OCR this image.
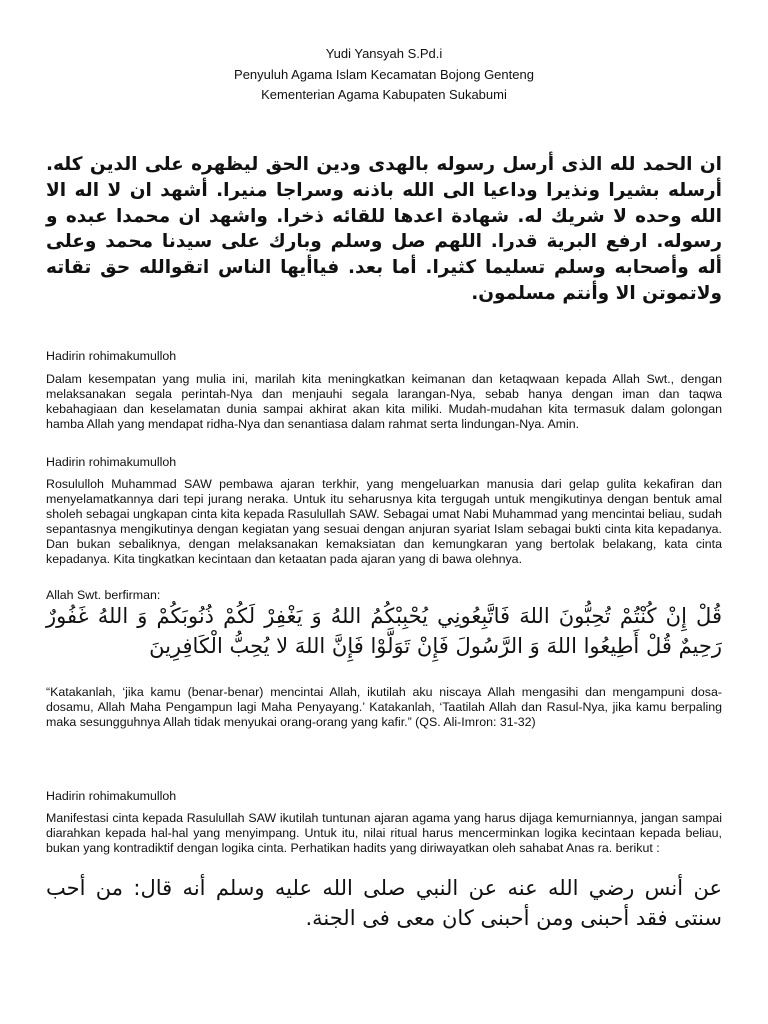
Yudi Yansyah S.Pd.i
Penyuluh Agama Islam Kecamatan Bojong Genteng
Kementerian Agama Kabupaten Sukabumi
ان الحمد لله الذى أرسل رسوله بالهدى ودين الحق ليظهره على الدين كله. أرسله بشيرا ونذيرا وداعيا الى الله باذنه وسراجا منيرا. أشهد ان لا اله الا الله وحده لا شريك له. شهادة اعدها للقائه ذخرا. واشهد ان محمدا عبده و رسوله. ارفع البرية قدرا. اللهم صل وسلم وبارك على سيدنا محمد وعلى أله وأصحابه وسلم تسليما كثيرا. أما بعد. فياأيها الناس اتقوالله حق تقاته ولاتموتن الا وأنتم مسلمون.
Hadirin rohimakumulloh
Dalam kesempatan yang mulia ini, marilah kita meningkatkan keimanan dan ketaqwaan kepada Allah Swt., dengan melaksanakan segala perintah-Nya dan menjauhi segala larangan-Nya, sebab hanya dengan iman dan taqwa kebahagiaan dan keselamatan dunia sampai akhirat akan kita miliki. Mudah-mudahan kita termasuk dalam golongan hamba Allah yang mendapat ridha-Nya dan senantiasa dalam rahmat serta lindungan-Nya. Amin.
Hadirin rohimakumulloh
Rosululloh Muhammad SAW pembawa ajaran terkhir, yang mengeluarkan manusia dari gelap gulita kekafiran dan menyelamatkannya dari tepi jurang neraka. Untuk itu seharusnya kita tergugah untuk mengikutinya dengan bentuk amal sholeh sebagai ungkapan cinta kita kepada Rasulullah SAW. Sebagai umat Nabi Muhammad yang mencintai beliau, sudah sepantasnya mengikutinya dengan kegiatan yang sesuai dengan anjuran syariat Islam sebagai bukti cinta kita kepadanya. Dan bukan sebaliknya, dengan melaksanakan kemaksiatan dan kemungkaran yang bertolak belakang, kata cinta kepadanya. Kita tingkatkan kecintaan dan ketaatan pada ajaran yang di bawa olehnya.
Allah Swt. berfirman:
قُلْ إِنْ كُنْتُمْ تُحِبُّونَ اللهَ فَاتَّبِعُونِي يُحْبِبْكُمُ اللهُ وَ يَغْفِرْ لَكُمْ ذُنُوبَكُمْ وَ اللهُ غَفُورٌ رَحِيمٌ قُلْ أَطِيعُوا اللهَ وَ الرَّسُولَ فَإِنْ تَوَلَّوْا فَإِنَّ اللهَ لا يُحِبُّ الْكَافِرِينَ
“Katakanlah, ‘jika kamu (benar-benar) mencintai Allah, ikutilah aku niscaya Allah mengasihi dan mengampuni dosa-dosamu, Allah Maha Pengampun lagi Maha Penyayang.’ Katakanlah, ‘Taatilah Allah dan Rasul-Nya, jika kamu berpaling maka sesungguhnya Allah tidak menyukai orang-orang yang kafir.” (QS. Ali-Imron: 31-32)
Hadirin rohimakumulloh
Manifestasi cinta kepada Rasulullah SAW ikutilah tuntunan ajaran agama yang harus dijaga kemurniannya, jangan sampai diarahkan kepada hal-hal yang menyimpang. Untuk itu, nilai ritual harus mencerminkan logika kecintaan kepada beliau, bukan yang kontradiktif dengan logika cinta. Perhatikan hadits yang diriwayatkan oleh sahabat Anas ra. berikut :
عن أنس رضي الله عنه عن النبي صلى الله عليه وسلم أنه قال: من أحب سنتى فقد أحبنى ومن أحبنى كان معى فى الجنة.
